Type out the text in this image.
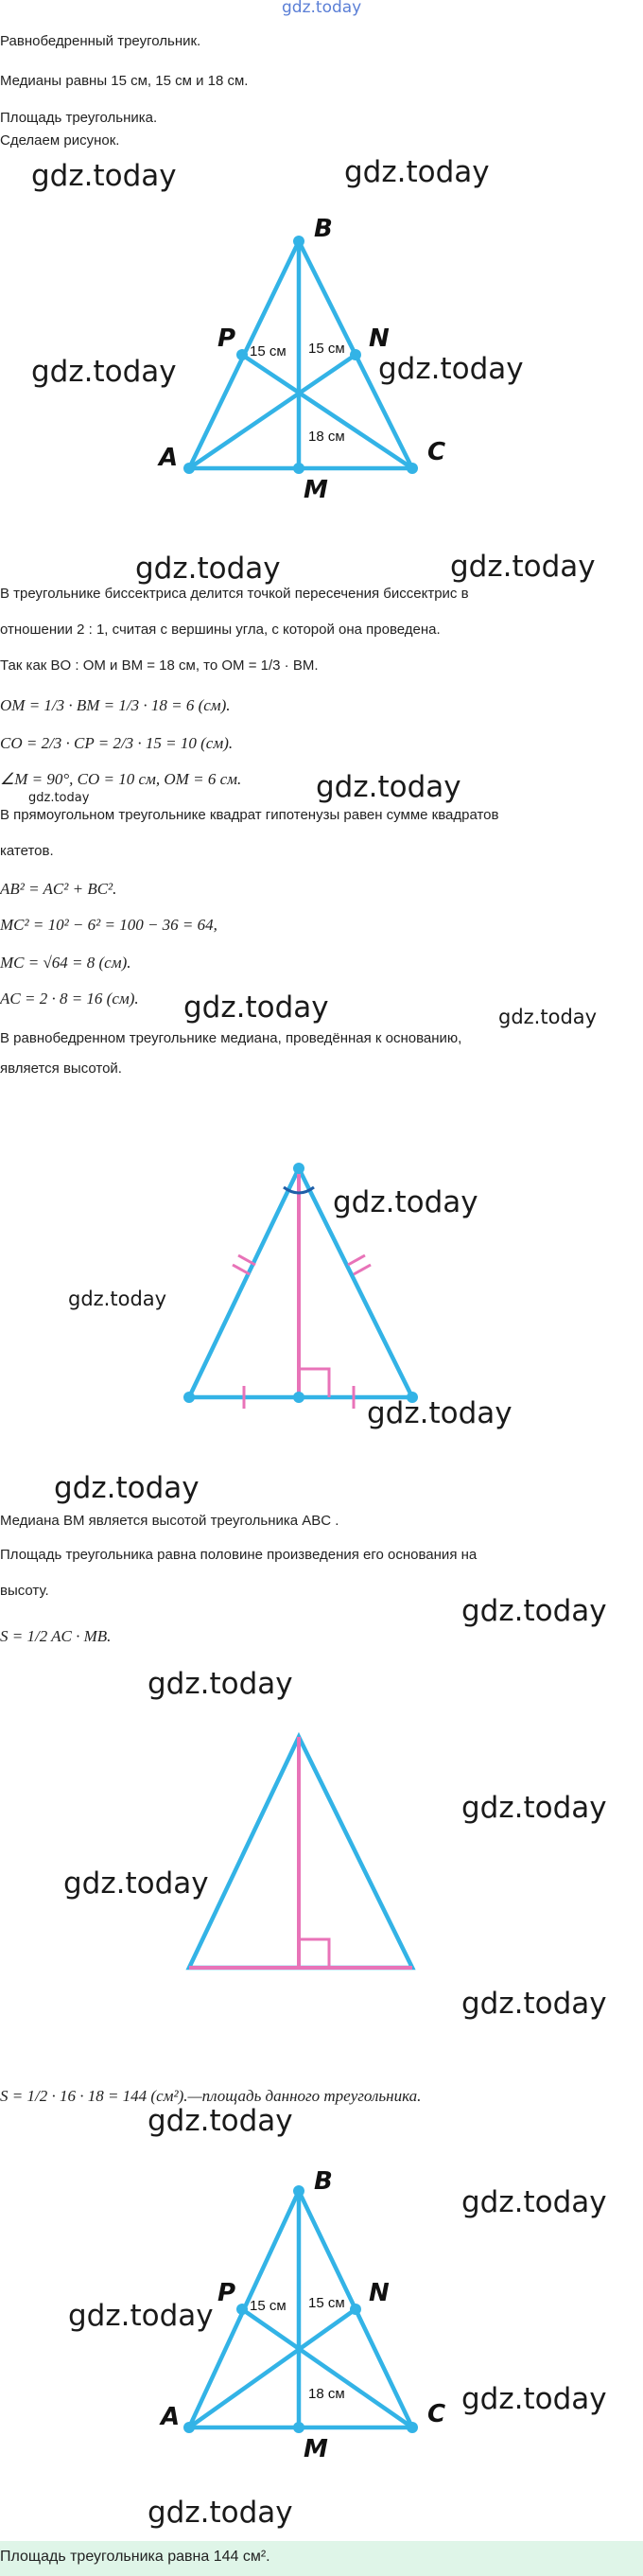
gdz.today
Равнобедренный треугольник.
Медианы равны 15 см, 15 см и 18 см.
Площадь треугольника.
Сделаем рисунок.
gdz.today	gdz.today
gdz.today	gdz.today
B
P	N
A	C
M
15 см 15 см
18 см
gdz.today	gdz.today
В треугольнике биссектриса делится точкой пересечения биссектрис в
отношении 2 : 1, считая с вершины угла, с которой она проведена.
Так как BO : OM и BM = 18 см, то OM = 1/3 · BM.
OM = 1/3 · BM = 1/3 · 18 = 6 (см).
CO = 2/3 · CP = 2/3 · 15 = 10 (см).
∠M = 90°, CO = 10 см, OM = 6 см.
gdz.today	gdz.today
В прямоугольном треугольнике квадрат гипотенузы равен сумме квадратов
катетов.
AB² = AC² + BC².
MC² = 10² − 6² = 100 − 36 = 64,
MC = √64 = 8 (см).
AC = 2 · 8 = 16 (см). gdz.today	gdz.today
В равнобедренном треугольнике медиана, проведённая к основанию,
является высотой.
gdz.today
gdz.today
gdz.today
gdz.today
Медиана BM является высотой треугольника ABC .
Площадь треугольника равна половине произведения его основания на
высоту.
S = 1/2 AC · MB.
gdz.today
gdz.today
gdz.today
gdz.today
gdz.today
S = 1/2 · 16 · 18 = 144 (см²).—площадь данного треугольника.
gdz.today
B
P	N
A	C
M
15 см 15 см
18 см
gdz.today
gdz.today
gdz.today
gdz.today
Площадь треугольника равна 144 см².
